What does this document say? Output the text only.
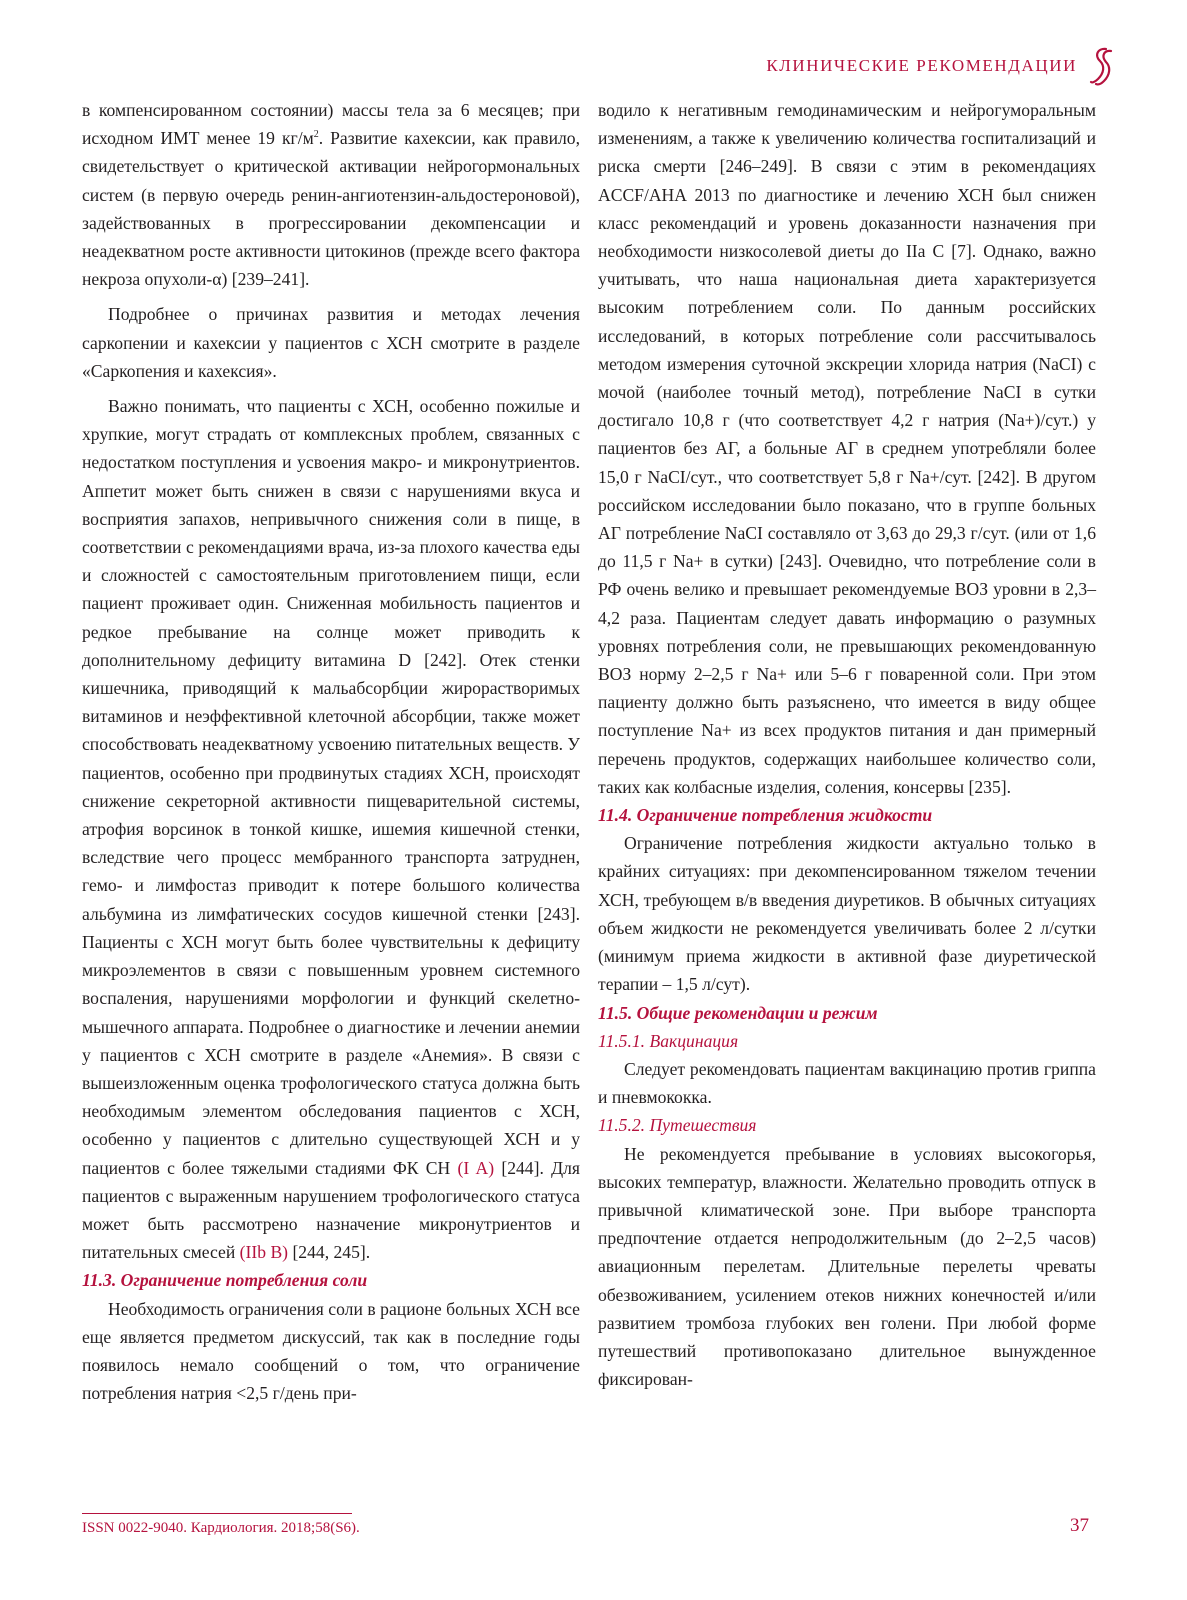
КЛИНИЧЕСКИЕ РЕКОМЕНДАЦИИ

в компенсированном состоянии) массы тела за 6 месяцев; при исходном ИМТ менее 19 $кг/м^2$. Развитие кахексии, как правило, свидетельствует о критической активации нейрогормональных систем (в первую очередь ренин-ангиотензин-альдостероновой), задействованных в прогрессировании декомпенсации и неадекватном росте активности цитокинов (прежде всего фактора некроза опухоли-α) [239–241].

Подробнее о причинах развития и методах лечения саркопении и кахексии у пациентов с ХСН смотрите в разделе «Саркопения и кахексия».

Важно понимать, что пациенты с ХСН, особенно пожилые и хрупкие, могут страдать от комплексных проблем, связанных с недостатком поступления и усвоения макро- и микронутриентов. Аппетит может быть снижен в связи с нарушениями вкуса и восприятия запахов, непривычного снижения соли в пище, в соответствии с рекомендациями врача, из-за плохого качества еды и сложностей с самостоятельным приготовлением пищи, если пациент проживает один. Сниженная мобильность пациентов и редкое пребывание на солнце может приводить к дополнительному дефициту витамина D [242]. Отек стенки кишечника, приводящий к мальабсорбции жирорастворимых витаминов и неэффективной клеточной абсорбции, также может способствовать неадекватному усвоению питательных веществ. У пациентов, особенно при продвинутых стадиях ХСН, происходят снижение секреторной активности пищеварительной системы, атрофия ворсинок в тонкой кишке, ишемия кишечной стенки, вследствие чего процесс мембранного транспорта затруднен, гемо- и лимфостаз приводит к потере большого количества альбумина из лимфатических сосудов кишечной стенки [243]. Пациенты с ХСН могут быть более чувствительны к дефициту микроэлементов в связи с повышенным уровнем системного воспаления, нарушениями морфологии и функций скелетно-мышечного аппарата. Подробнее о диагностике и лечении анемии у пациентов с ХСН смотрите в разделе «Анемия». В связи с вышеизложенным оценка трофологического статуса должна быть необходимым элементом обследования пациентов с ХСН, особенно у пациентов с длительно существующей ХСН и у пациентов с более тяжелыми стадиями ФК СН (I A) [244]. Для пациентов с выраженным нарушением трофологического статуса может быть рассмотрено назначение микронутриентов и питательных смесей (IIb B) [244, 245].

11.3. Ограничение потребления соли

Необходимость ограничения соли в рационе больных ХСН все еще является предметом дискуссий, так как в последние годы появилось немало сообщений о том, что ограничение потребления натрия <2,5 г/день при-

водило к негативным гемодинамическим и нейрогуморальным изменениям, а также к увеличению количества госпитализаций и риска смерти [246–249]. В связи с этим в рекомендациях ACCF/AHA 2013 по диагностике и лечению ХСН был снижен класс рекомендаций и уровень доказанности назначения при необходимости низкосолевой диеты до IIa C [7]. Однако, важно учитывать, что наша национальная диета характеризуется высоким потреблением соли. По данным российских исследований, в которых потребление соли рассчитывалось методом измерения суточной экскреции хлорида натрия (NaCI) с мочой (наиболее точный метод), потребление NaCI в сутки достигало 10,8 г (что соответствует 4,2 г натрия (Na+)/сут.) у пациентов без АГ, а больные АГ в среднем употребляли более 15,0 г NaCI/сут., что соответствует 5,8 г Na+/сут. [242]. В другом российском исследовании было показано, что в группе больных АГ потребление NaCI составляло от 3,63 до 29,3 г/сут. (или от 1,6 до 11,5 г Na+ в сутки) [243]. Очевидно, что потребление соли в РФ очень велико и превышает рекомендуемые ВОЗ уровни в 2,3–4,2 раза. Пациентам следует давать информацию о разумных уровнях потребления соли, не превышающих рекомендованную ВОЗ норму 2–2,5 г Na+ или 5–6 г поваренной соли. При этом пациенту должно быть разъяснено, что имеется в виду общее поступление Na+ из всех продуктов питания и дан примерный перечень продуктов, содержащих наибольшее количество соли, таких как колбасные изделия, соления, консервы [235].

11.4. Ограничение потребления жидкости

Ограничение потребления жидкости актуально только в крайних ситуациях: при декомпенсированном тяжелом течении ХСН, требующем в/в введения диуретиков. В обычных ситуациях объем жидкости не рекомендуется увеличивать более 2 л/сутки (минимум приема жидкости в активной фазе диуретической терапии – 1,5 л/сут).

11.5. Общие рекомендации и режим

11.5.1. Вакцинация

Следует рекомендовать пациентам вакцинацию против гриппа и пневмококка.

11.5.2. Путешествия

Не рекомендуется пребывание в условиях высокогорья, высоких температур, влажности. Желательно проводить отпуск в привычной климатической зоне. При выборе транспорта предпочтение отдается непродолжительным (до 2–2,5 часов) авиационным перелетам. Длительные перелеты чреваты обезвоживанием, усилением отеков нижних конечностей и/или развитием тромбоза глубоких вен голени. При любой форме путешествий противопоказано длительное вынужденное фиксирован-

ISSN 0022-9040. Кардиология. 2018;58(S6).	37
